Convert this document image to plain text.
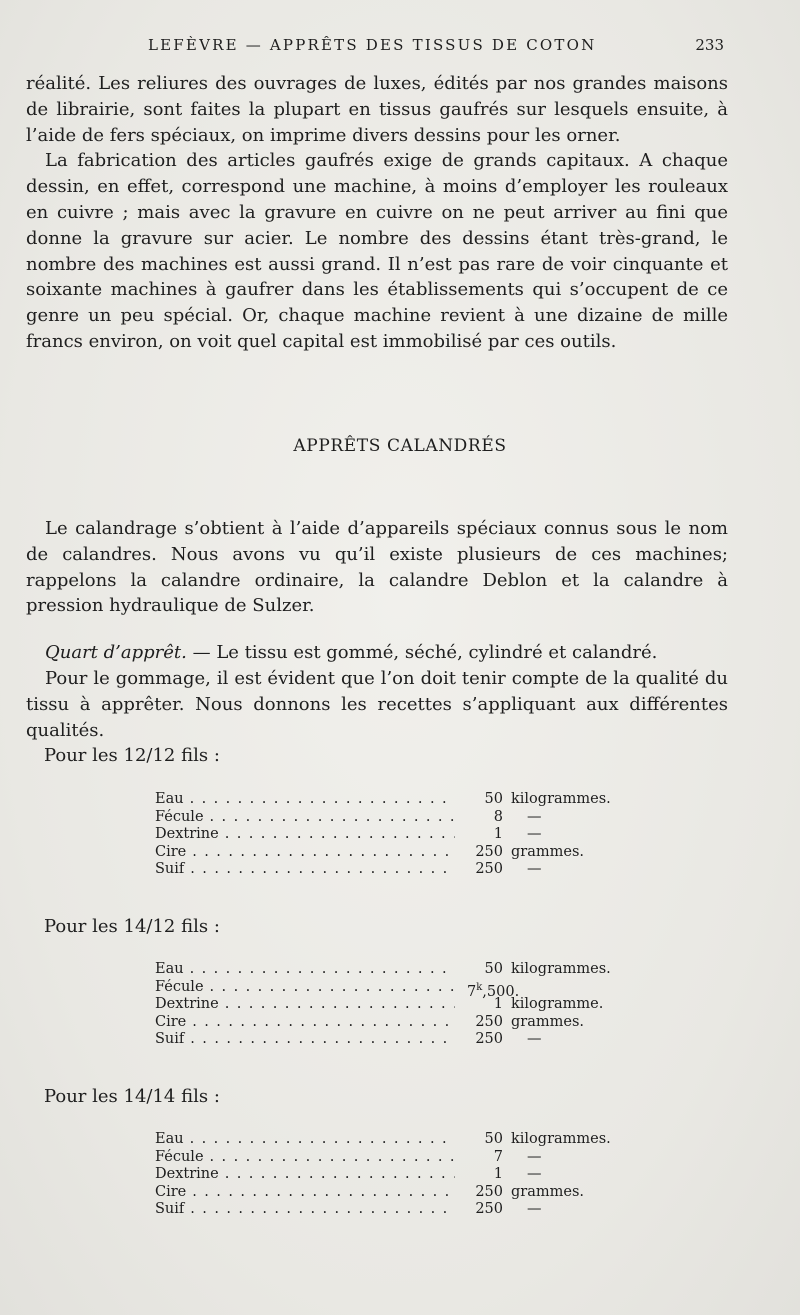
LEFÈVRE — APPRÊTS DES TISSUS DE COTON	233

réalité. Les reliures des ouvrages de luxes, édités par nos grandes maisons de librairie, sont faites la plupart en tissus gaufrés sur lesquels ensuite, à l’aide de fers spéciaux, on imprime divers dessins pour les orner.

La fabrication des articles gaufrés exige de grands capitaux. A chaque dessin, en effet, correspond une machine, à moins d’employer les rouleaux en cuivre ; mais avec la gravure en cuivre on ne peut arriver au fini que donne la gravure sur acier. Le nombre des dessins étant très-grand, le nombre des machines est aussi grand. Il n’est pas rare de voir cinquante et soixante machines à gaufrer dans les établissements qui s’occupent de ce genre un peu spécial. Or, chaque machine revient à une dizaine de mille francs environ, on voit quel capital est immobilisé par ces outils.

APPRÊTS CALANDRÉS

Le calandrage s’obtient à l’aide d’appareils spéciaux connus sous le nom de calandres. Nous avons vu qu’il existe plusieurs de ces machines; rappelons la calandre ordinaire, la calandre Deblon et la calandre à pression hydraulique de Sulzer.

Quart d’apprêt. — Le tissu est gommé, séché, cylindré et calandré.

Pour le gommage, il est évident que l’on doit tenir compte de la qualité du tissu à apprêter. Nous donnons les recettes s’appliquant aux différentes qualités.

Pour les 12/12 fils :
Eau . . .	50 kilogrammes.
Fécule . . .	8 —
Dextrine . . .	1 —
Cire . . .	250 grammes.
Suif . . .	250 —
Pour les 14/12 fils :
Eau . . .	50 kilogrammes.
Fécule . . .	7$^k$,500.
Dextrine . . .	1 kilogramme.
Cire . . .	250 grammes.
Suif . . .	250 —
Pour les 14/14 fils :
Eau . . .	50 kilogrammes.
Fécule . . .	7 —
Dextrine . . .	1 —
Cire . . .	250 grammes.
Suif . . .	250 —
